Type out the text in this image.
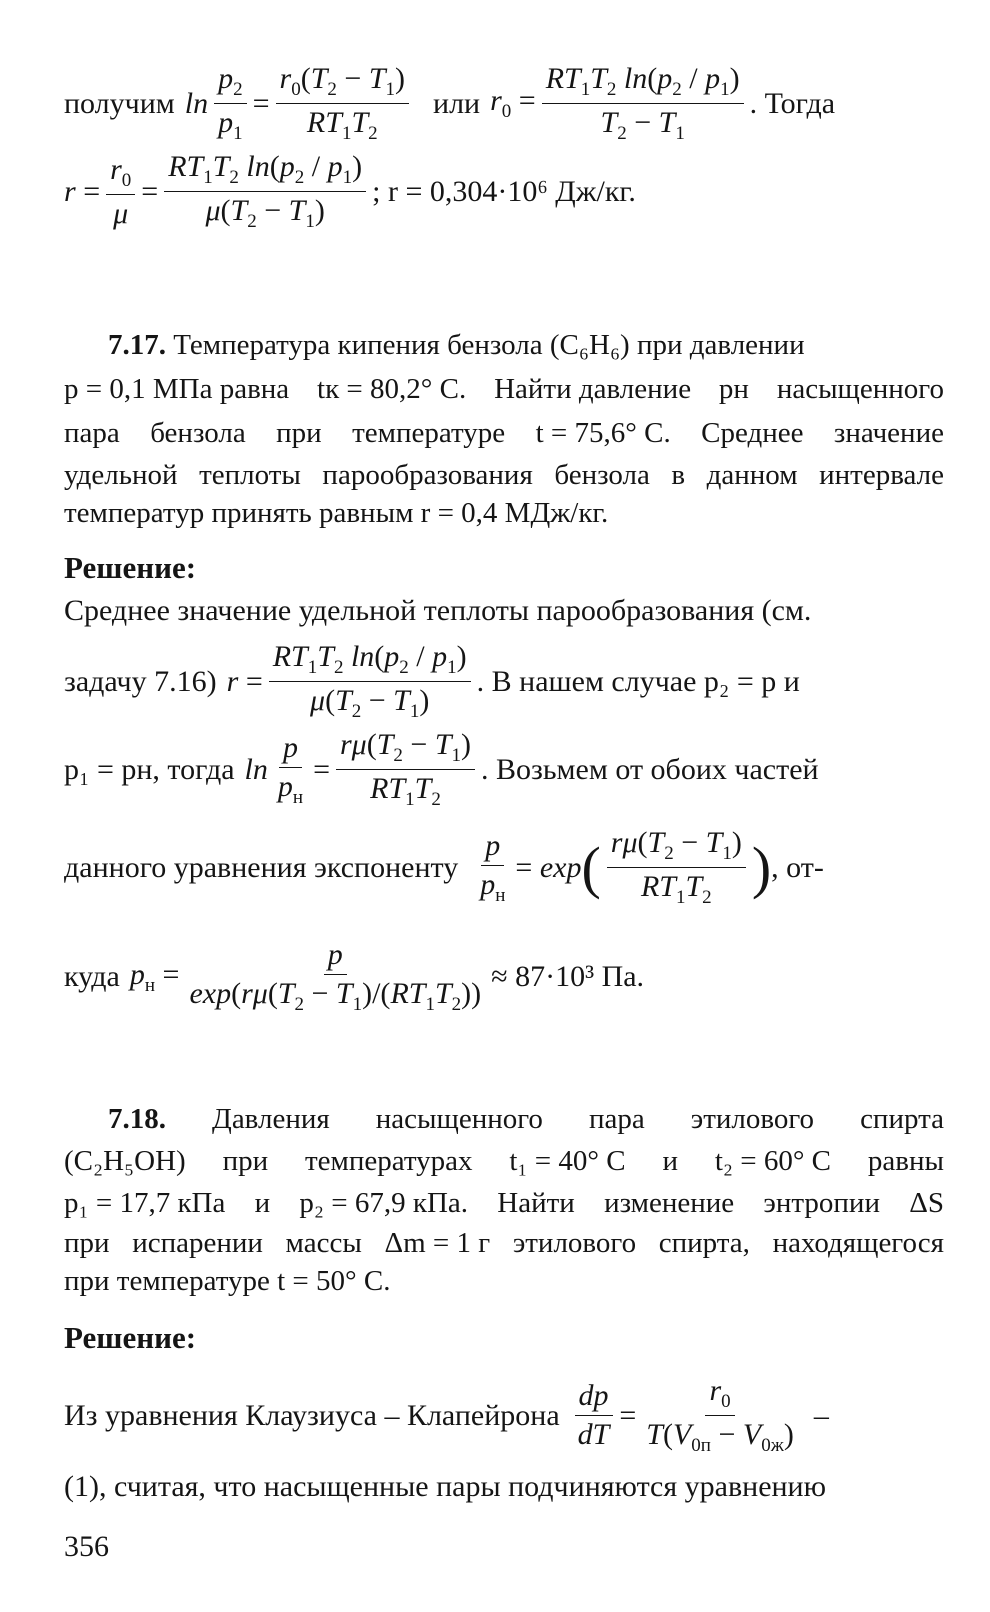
получим $\ln \frac{p_2}{p_1} = \frac{r_0(T_2 - T_1)}{RT_1T_2}$ или $r_0 = \frac{RT_1T_2 \ln(p_2 / p_1)}{T_2 - T_1}$ . Тогда
$r = \frac{r_0}{\mu} = \frac{RT_1T_2 \ln(p_2 / p_1)}{\mu(T_2 - T_1)}$ ; r = 0,304·10⁶ Дж/кг.
7.17. Температура кипения бензола (C₆H₆) при давлении
p = 0,1 МПа равна tк = 80,2° C. Найти давление pн насыщенного
пара бензола при температуре t = 75,6° C. Среднее значение
удельной теплоты парообразования бензола в данном интервале
температур принять равным r = 0,4 МДж/кг.
Решение:
Среднее значение удельной теплоты парообразования (см.
задачу 7.16) $r = \frac{RT_1T_2 \ln(p_2 / p_1)}{\mu(T_2 - T_1)}$ . В нашем случае p₂ = p и
p₁ = pн, тогда $\ln \frac{p}{p_н} = \frac{r\mu(T_2 - T_1)}{RT_1T_2}$ . Возьмем от обоих частей
данного уравнения экспоненту $\frac{p}{p_н} = \exp$ ( $\frac{r\mu(T_2 - T_1)}{RT_1T_2}$ ) , от-
куда $p_н = \frac{p}{\exp(r\mu(T_2 - T_1)/(RT_1T_2))} \approx 87\cdot 10^3$ Па.
7.18. Давления насыщенного пара этилового спирта
(C₂H₅OH) при температурах t₁ = 40° C и t₂ = 60° C равны
p₁ = 17,7 кПа и p₂ = 67,9 кПа. Найти изменение энтропии ΔS
при испарении массы Δm = 1 г этилового спирта, находящегося
при температуре t = 50° C.
Решение:
Из уравнения Клаузиуса – Клапейрона $\frac{dp}{dT} = \frac{r_0}{T(V_{0п} - V_{0ж})}$ –
(1), считая, что насыщенные пары подчиняются уравнению
356
